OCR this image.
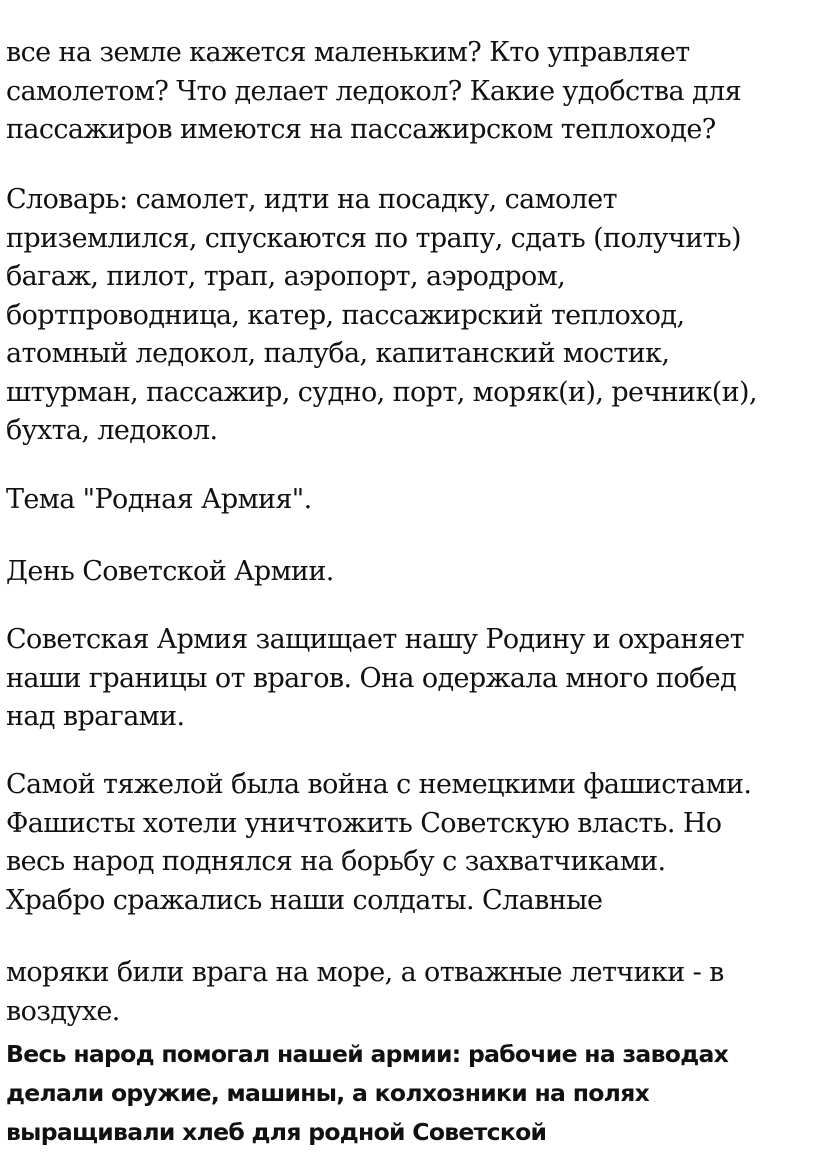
все на земле кажется маленьким? Кто управляет
самолетом? Что делает ледокол? Какие удобства для
пассажиров имеются на пассажирском теплоходе?

Словарь: самолет, идти на посадку, самолет
приземлился, спускаются по трапу, сдать (получить)
багаж, пилот, трап, аэропорт, аэродром,
бортпроводница, катер, пассажирский теплоход,
атомный ледокол, палуба, капитанский мостик,
штурман, пассажир, судно, порт, моряк(и), речник(и),
бухта, ледокол.

Тема "Родная Армия".

День Советской Армии.

Советская Армия защищает нашу Родину и охраняет
наши границы от врагов. Она одержала много побед
над врагами.

Самой тяжелой была война с немецкими фашистами.
Фашисты хотели уничтожить Советскую власть. Но
весь народ поднялся на борьбу с захватчиками.
Храбро сражались наши солдаты. Славные

моряки били врага на море, а отважные летчики - в
воздухе.

Весь народ помогал нашей армии: рабочие на заводах
делали оружие, машины, а колхозники на полях
выращивали хлеб для родной Советской
